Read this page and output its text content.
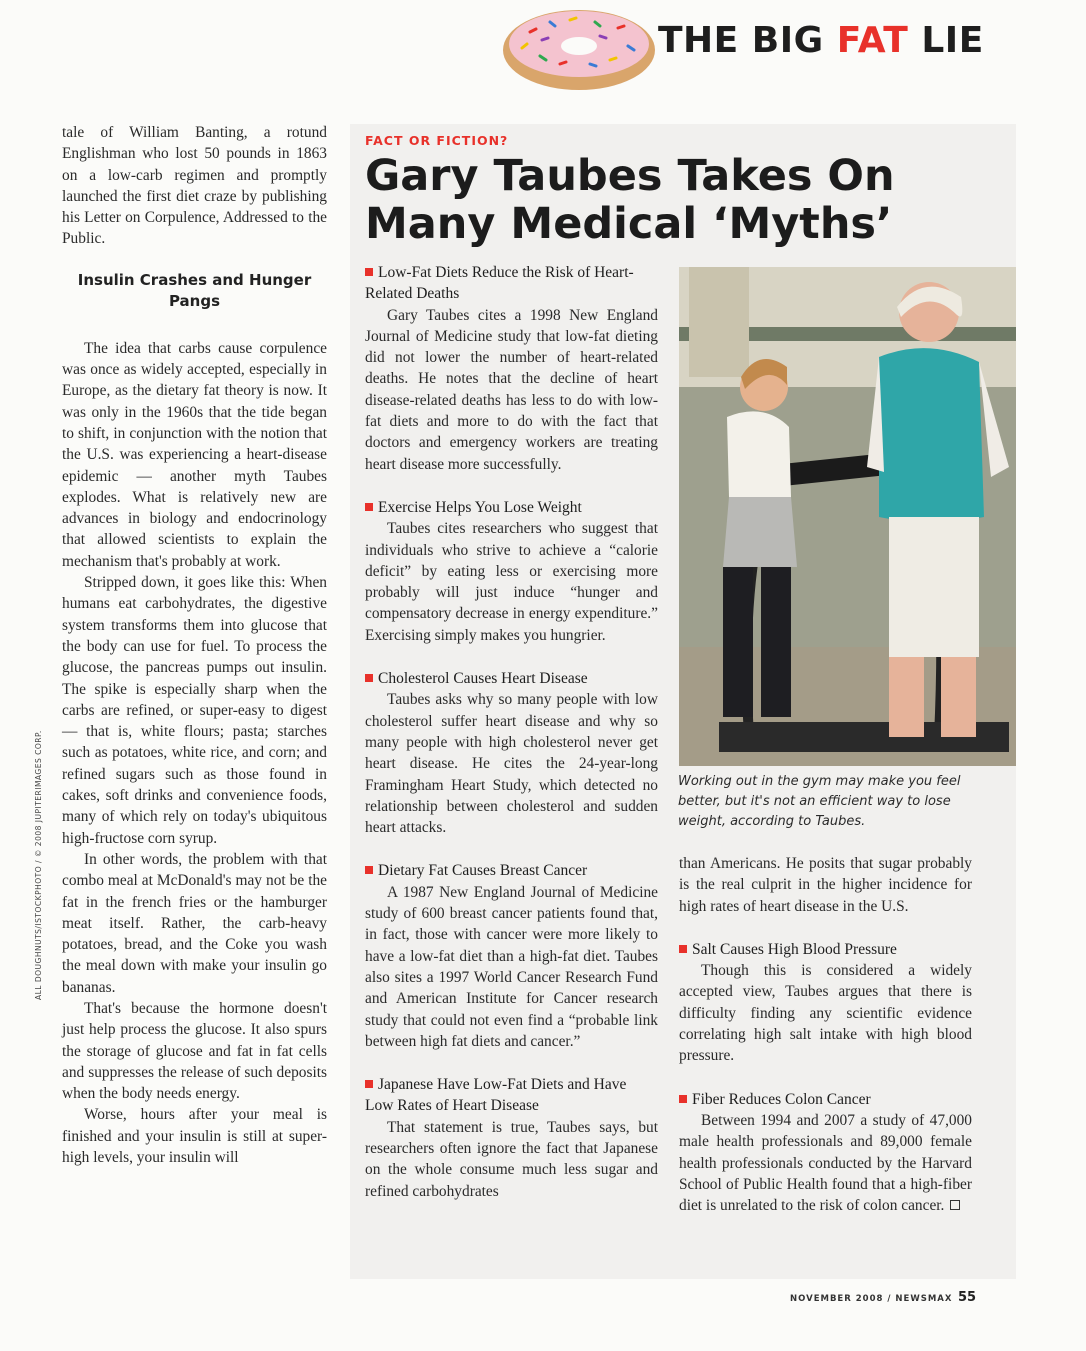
THE BIG FAT LIE

tale of William Banting, a rotund Englishman who lost 50 pounds in 1863 on a low-carb regimen and promptly launched the first diet craze by publishing his Letter on Corpulence, Addressed to the Public.

Insulin Crashes and Hunger Pangs

The idea that carbs cause corpulence was once as widely accepted, especially in Europe, as the dietary fat theory is now. It was only in the 1960s that the tide began to shift, in conjunction with the notion that the U.S. was experiencing a heart-disease epidemic — another myth Taubes explodes. What is relatively new are advances in biology and endocrinology that allowed scientists to explain the mechanism that's probably at work.

Stripped down, it goes like this: When humans eat carbohydrates, the digestive system transforms them into glucose that the body can use for fuel. To process the glucose, the pancreas pumps out insulin. The spike is especially sharp when the carbs are refined, or super-easy to digest — that is, white flours; pasta; starches such as potatoes, white rice, and corn; and refined sugars such as those found in cakes, soft drinks and convenience foods, many of which rely on today's ubiquitous high-fructose corn syrup.

In other words, the problem with that combo meal at McDonald's may not be the fat in the french fries or the hamburger meat itself. Rather, the carb-heavy potatoes, bread, and the Coke you wash the meal down with make your insulin go bananas.

That's because the hormone doesn't just help process the glucose. It also spurs the storage of glucose and fat in fat cells and suppresses the release of such deposits when the body needs energy.

Worse, hours after your meal is finished and your insulin is still at super-high levels, your insulin will

FACT OR FICTION?
Gary Taubes Takes On Many Medical ‘Myths’

Low-Fat Diets Reduce the Risk of Heart-Related Deaths

Gary Taubes cites a 1998 New England Journal of Medicine study that low-fat dieting did not lower the number of heart-related deaths. He notes that the decline of heart disease-related deaths has less to do with low-fat diets and more to do with the fact that doctors and emergency workers are treating heart disease more successfully.

Exercise Helps You Lose Weight

Taubes cites researchers who suggest that individuals who strive to achieve a “calorie deficit” by eating less or exercising more probably will just induce “hunger and compensatory decrease in energy expenditure.” Exercising simply makes you hungrier.

Cholesterol Causes Heart Disease

Taubes asks why so many people with low cholesterol suffer heart disease and why so many people with high cholesterol never get heart disease. He cites the 24-year-long Framingham Heart Study, which detected no relationship between cholesterol and sudden heart attacks.

Dietary Fat Causes Breast Cancer

A 1987 New England Journal of Medicine study of 600 breast cancer patients found that, in fact, those with cancer were more likely to have a low-fat diet than a high-fat diet. Taubes also sites a 1997 World Cancer Research Fund and American Institute for Cancer research study that could not even find a “probable link between high fat diets and cancer.”

Japanese Have Low-Fat Diets and Have Low Rates of Heart Disease

That statement is true, Taubes says, but researchers often ignore the fact that Japanese on the whole consume much less sugar and refined carbohydrates

Working out in the gym may make you feel better, but it's not an efficient way to lose weight, according to Taubes.

than Americans. He posits that sugar probably is the real culprit in the higher incidence for high rates of heart disease in the U.S.

Salt Causes High Blood Pressure

Though this is considered a widely accepted view, Taubes argues that there is difficulty finding any scientific evidence correlating high salt intake with high blood pressure.

Fiber Reduces Colon Cancer

Between 1994 and 2007 a study of 47,000 male health professionals and 89,000 female health professionals conducted by the Harvard School of Public Health found that a high-fiber diet is unrelated to the risk of colon cancer.

ALL DOUGHNUTS/ISTOCKPHOTO / © 2008 JUPITERIMAGES CORP.
NOVEMBER 2008 / NEWSMAX 55
